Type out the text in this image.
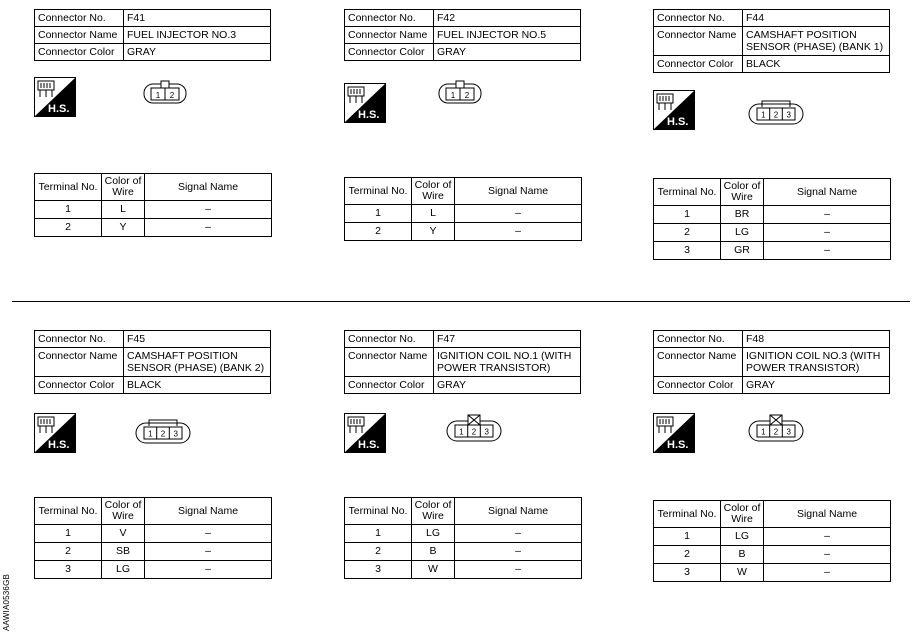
Connector No.	F41
Connector Name	FUEL INJECTOR NO.3
Connector Color	GRAY
H.S.
1 2
Terminal No.	Color of Wire	Signal Name
1	L	–
2	Y	–
Connector No.	F42
Connector Name	FUEL INJECTOR NO.5
Connector Color	GRAY
H.S.
1 2
Terminal No.	Color of Wire	Signal Name
1	L	–
2	Y	–
Connector No.	F44
Connector Name	CAMSHAFT POSITION SENSOR (PHASE) (BANK 1)
Connector Color	BLACK
H.S.
1 2 3
Terminal No.	Color of Wire	Signal Name
1	BR	–
2	LG	–
3	GR	–
Connector No.	F45
Connector Name	CAMSHAFT POSITION SENSOR (PHASE) (BANK 2)
Connector Color	BLACK
H.S.
1 2 3
Terminal No.	Color of Wire	Signal Name
1	V	–
2	SB	–
3	LG	–
Connector No.	F47
Connector Name	IGNITION COIL NO.1 (WITH POWER TRANSISTOR)
Connector Color	GRAY
H.S.
1 2 3
Terminal No.	Color of Wire	Signal Name
1	LG	–
2	B	–
3	W	–
Connector No.	F48
Connector Name	IGNITION COIL NO.3 (WITH POWER TRANSISTOR)
Connector Color	GRAY
H.S.
1 2 3
Terminal No.	Color of Wire	Signal Name
1	LG	–
2	B	–
3	W	–
AAWIA0536GB
